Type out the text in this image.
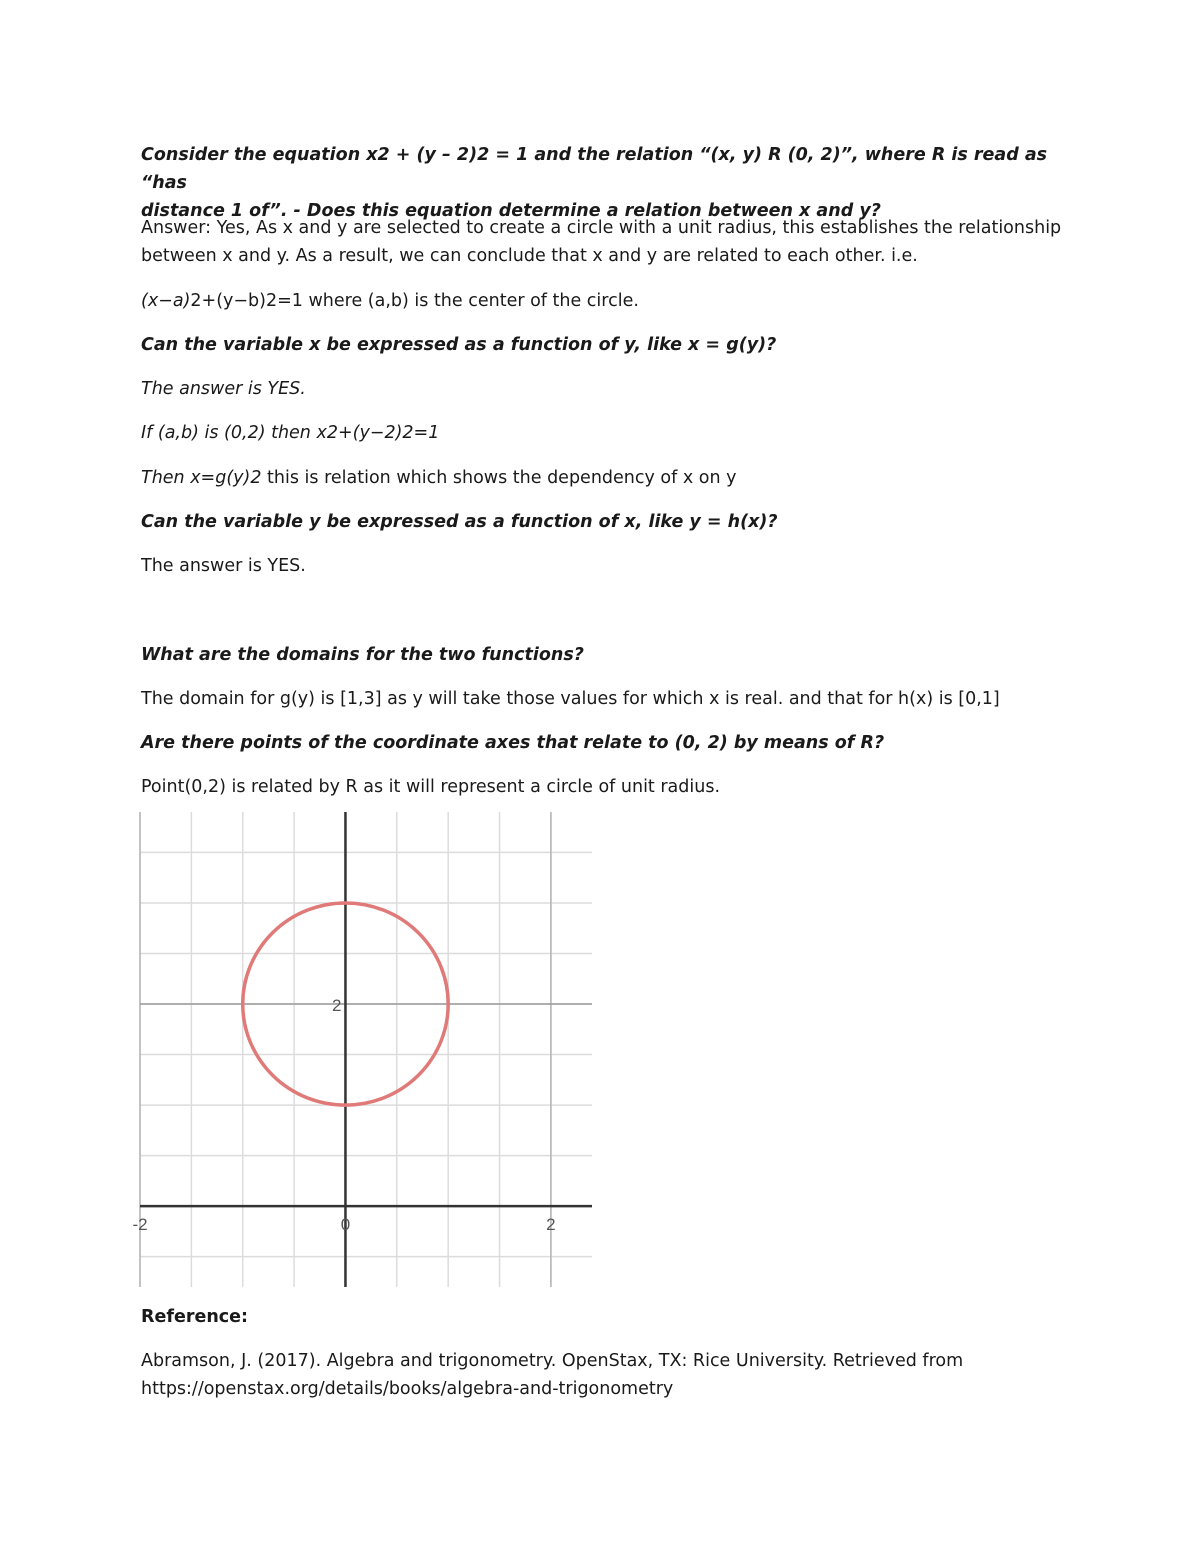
Consider the equation x2 + (y – 2)2 = 1 and the relation “(x, y) R (0, 2)”, where R is read as “has
distance 1 of”. - Does this equation determine a relation between x and y?
Answer: Yes, As x and y are selected to create a circle with a unit radius, this establishes the relationship
between x and y. As a result, we can conclude that x and y are related to each other. i.e.
(x−a)2+(y−b)2=1 where (a,b) is the center of the circle.
Can the variable x be expressed as a function of y, like x = g(y)?
The answer is YES.
If (a,b) is (0,2) then x2+(y−2)2=1
Then x=g(y)2 this is relation which shows the dependency of x on y
Can the variable y be expressed as a function of x, like y = h(x)?
The answer is YES.
What are the domains for the two functions?
The domain for g(y) is [1,3] as y will take those values for which x is real. and that for h(x) is [0,1]
Are there points of the coordinate axes that relate to (0, 2) by means of R?
Point(0,2) is related by R as it will represent a circle of unit radius.
-2	0	2
2
Reference:
Abramson, J. (2017). Algebra and trigonometry. OpenStax, TX: Rice University. Retrieved from
https://openstax.org/details/books/algebra-and-trigonometry
